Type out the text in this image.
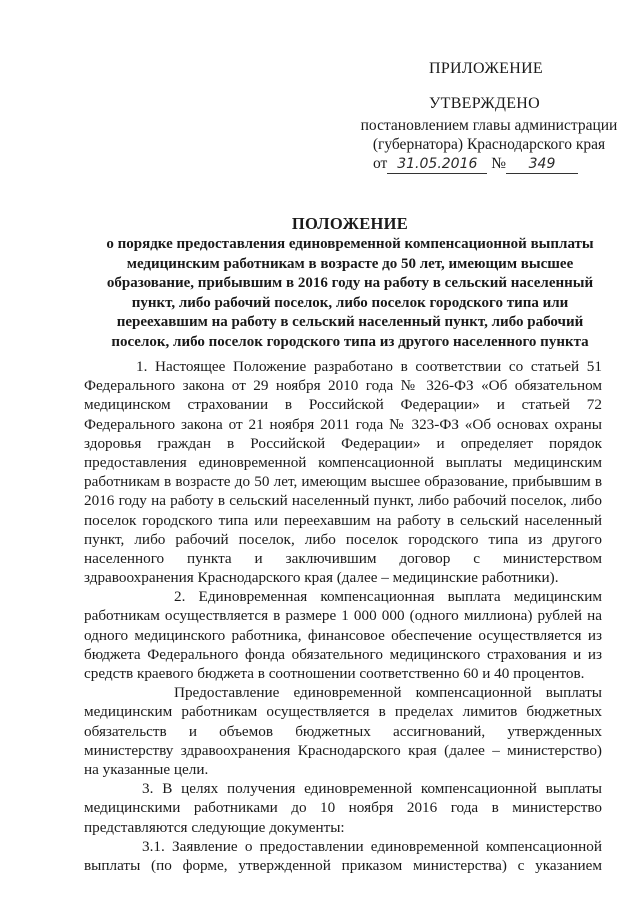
ПРИЛОЖЕНИЕ
УТВЕРЖДЕНО
постановлением главы администрации
(губернатора) Краснодарского края
от 31.05.2016 № 349
ПОЛОЖЕНИЕ
о порядке предоставления единовременной компенсационной выплаты
медицинским работникам в возрасте до 50 лет, имеющим высшее
образование, прибывшим в 2016 году на работу в сельский населенный
пункт, либо рабочий поселок, либо поселок городского типа или
переехавшим на работу в сельский населенный пункт, либо рабочий
поселок, либо поселок городского типа из другого населенного пункта
1. Настоящее Положение разработано в соответствии со статьей 51
Федерального закона от 29 ноября 2010 года № 326-ФЗ «Об обязательном
медицинском страховании в Российской Федерации» и статьей 72
Федерального закона от 21 ноября 2011 года № 323-ФЗ «Об основах охраны
здоровья граждан в Российской Федерации» и определяет порядок
предоставления единовременной компенсационной выплаты медицинским
работникам в возрасте до 50 лет, имеющим высшее образование, прибывшим в
2016 году на работу в сельский населенный пункт, либо рабочий поселок, либо
поселок городского типа или переехавшим на работу в сельский населенный
пункт, либо рабочий поселок, либо поселок городского типа из другого
населенного пункта и заключившим договор с министерством
здравоохранения Краснодарского края (далее – медицинские работники).
2. Единовременная компенсационная выплата медицинским
работникам осуществляется в размере 1 000 000 (одного миллиона) рублей на
одного медицинского работника, финансовое обеспечение осуществляется из
бюджета Федерального фонда обязательного медицинского страхования и из
средств краевого бюджета в соотношении соответственно 60 и 40 процентов.
Предоставление единовременной компенсационной выплаты
медицинским работникам осуществляется в пределах лимитов бюджетных
обязательств и объемов бюджетных ассигнований, утвержденных
министерству здравоохранения Краснодарского края (далее – министерство)
на указанные цели.
3. В целях получения единовременной компенсационной выплаты
медицинскими работниками до 10 ноября 2016 года в министерство
представляются следующие документы:
3.1. Заявление о предоставлении единовременной компенсационной
выплаты (по форме, утвержденной приказом министерства) с указанием
